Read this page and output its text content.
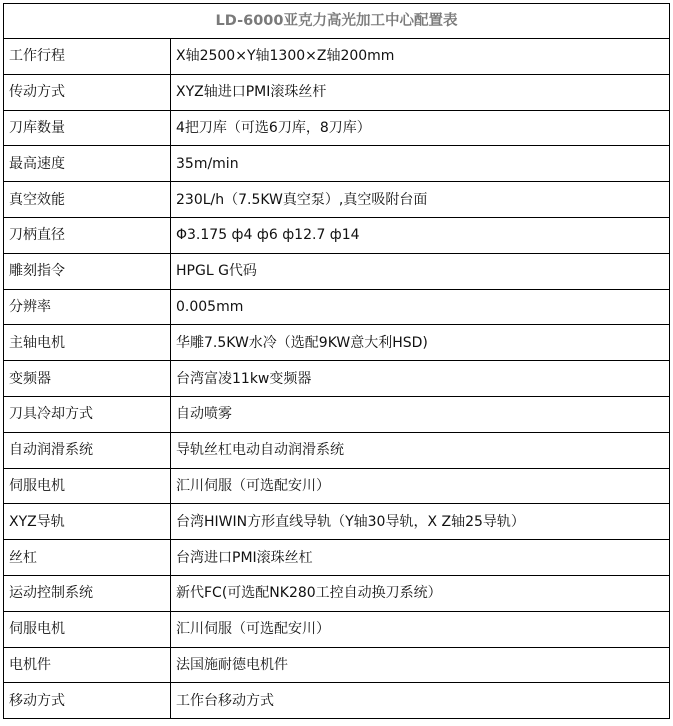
LD-6000亚克力高光加工中心配置表	
工作行程	X轴2500×Y轴1300×Z轴200mm
传动方式	XYZ轴进口PMI滚珠丝杆
刀库数量	4把刀库（可选6刀库，8刀库）
最高速度	35m/min
真空效能	230L/h（7.5KW真空泵）,真空吸附台面
刀柄直径	Φ3.175 ф4 ф6 ф12.7 ф14
雕刻指令	HPGL G代码
分辨率	0.005mm
主轴电机	华雕7.5KW水冷（选配9KW意大利HSD)
变频器	台湾富凌11kw变频器
刀具冷却方式	自动喷雾
自动润滑系统	导轨丝杠电动自动润滑系统
伺服电机	汇川伺服（可选配安川）
XYZ导轨	台湾HIWIN方形直线导轨（Y轴30导轨，X Z轴25导轨）
丝杠	台湾进口PMI滚珠丝杠
运动控制系统	新代FC(可选配NK280工控自动换刀系统）
伺服电机	汇川伺服（可选配安川）
电机件	法国施耐德电机件
移动方式	工作台移动方式
